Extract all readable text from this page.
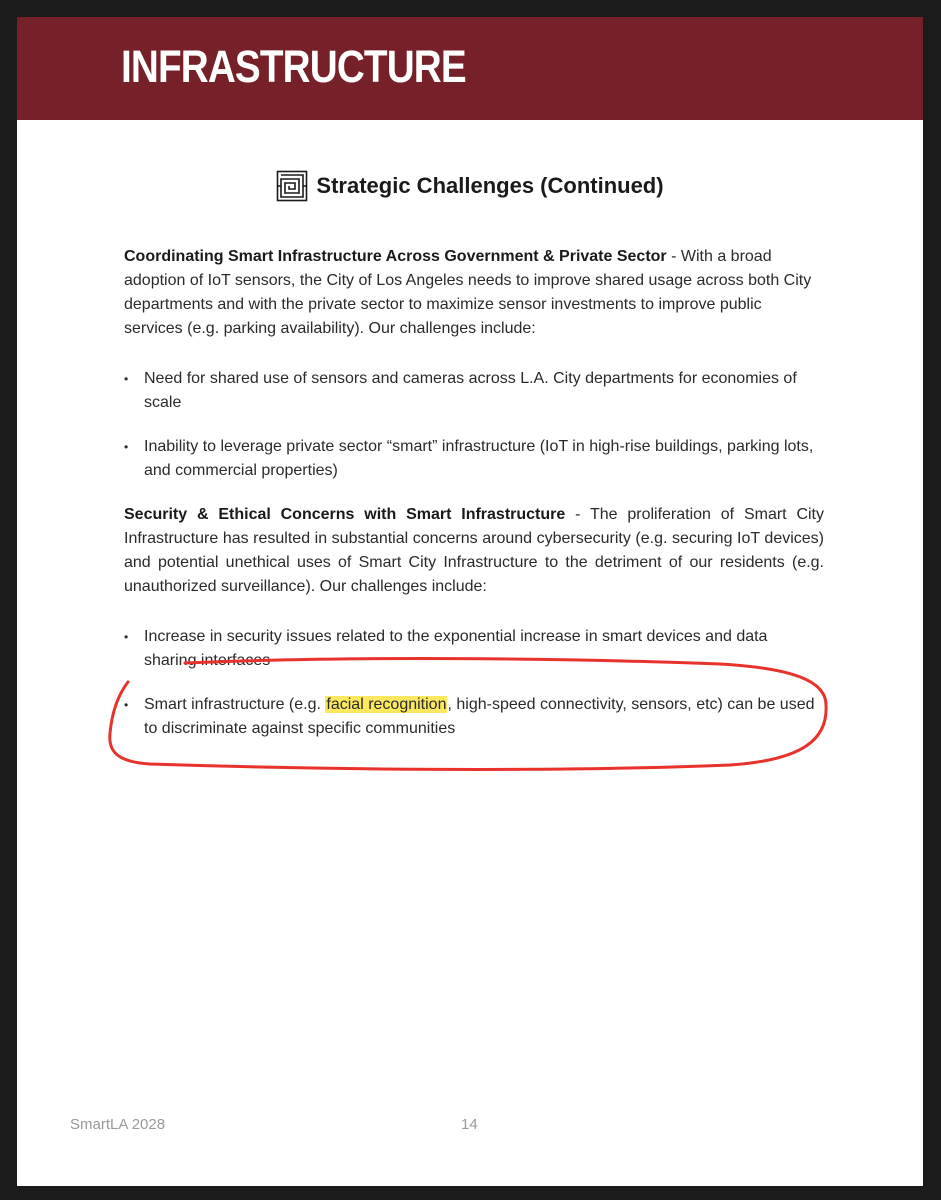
INFRASTRUCTURE
Strategic Challenges (Continued)

Coordinating Smart Infrastructure Across Government & Private Sector - With a broad adoption of IoT sensors, the City of Los Angeles needs to improve shared usage across both City departments and with the private sector to maximize sensor investments to improve public services (e.g. parking availability). Our challenges include:

• Need for shared use of sensors and cameras across L.A. City departments for economies of scale
• Inability to leverage private sector “smart” infrastructure (IoT in high-rise buildings, parking lots, and commercial properties)

Security & Ethical Concerns with Smart Infrastructure - The proliferation of Smart City Infrastructure has resulted in substantial concerns around cybersecurity (e.g. securing IoT devices) and potential unethical uses of Smart City Infrastructure to the detriment of our residents (e.g. unauthorized surveillance). Our challenges include:

• Increase in security issues related to the exponential increase in smart devices and data sharing interfaces
• Smart infrastructure (e.g. facial recognition, high-speed connectivity, sensors, etc) can be used to discriminate against specific communities
SmartLA 2028	14
